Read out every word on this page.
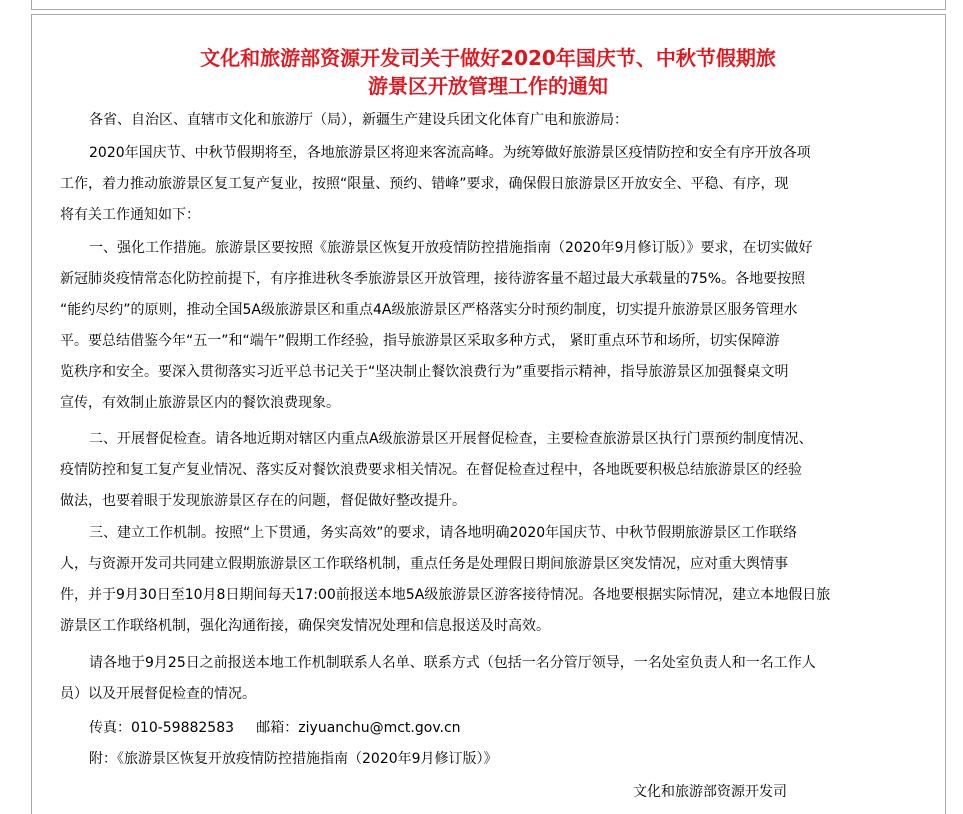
文化和旅游部资源开发司关于做好2020年国庆节、中秋节假期旅
游景区开放管理工作的通知

各省、自治区、直辖市文化和旅游厅（局），新疆生产建设兵团文化体育广电和旅游局：

2020年国庆节、中秋节假期将至，各地旅游景区将迎来客流高峰。为统筹做好旅游景区疫情防控和安全有序开放各项
工作，着力推动旅游景区复工复产复业，按照“限量、预约、错峰”要求，确保假日旅游景区开放安全、平稳、有序，现
将有关工作通知如下：

一、强化工作措施。旅游景区要按照《旅游景区恢复开放疫情防控措施指南（2020年9月修订版）》要求，在切实做好
新冠肺炎疫情常态化防控前提下，有序推进秋冬季旅游景区开放管理，接待游客量不超过最大承载量的75%。各地要按照
“能约尽约”的原则，推动全国5A级旅游景区和重点4A级旅游景区严格落实分时预约制度，切实提升旅游景区服务管理水
平。要总结借鉴今年“五一”和“端午”假期工作经验，指导旅游景区采取多种方式， 紧盯重点环节和场所，切实保障游
览秩序和安全。要深入贯彻落实习近平总书记关于“坚决制止餐饮浪费行为”重要指示精神，指导旅游景区加强餐桌文明
宣传，有效制止旅游景区内的餐饮浪费现象。

二、开展督促检查。请各地近期对辖区内重点A级旅游景区开展督促检查，主要检查旅游景区执行门票预约制度情况、
疫情防控和复工复产复业情况、落实反对餐饮浪费要求相关情况。在督促检查过程中，各地既要积极总结旅游景区的经验
做法，也要着眼于发现旅游景区存在的问题，督促做好整改提升。

三、建立工作机制。按照“上下贯通，务实高效”的要求，请各地明确2020年国庆节、中秋节假期旅游景区工作联络
人，与资源开发司共同建立假期旅游景区工作联络机制，重点任务是处理假日期间旅游景区突发情况，应对重大舆情事
件，并于9月30日至10月8日期间每天17:00前报送本地5A级旅游景区游客接待情况。各地要根据实际情况，建立本地假日旅
游景区工作联络机制，强化沟通衔接，确保突发情况处理和信息报送及时高效。

请各地于9月25日之前报送本地工作机制联系人名单、联系方式（包括一名分管厅领导，一名处室负责人和一名工作人
员）以及开展督促检查的情况。

传真：010-59882583 邮箱：ziyuanchu@mct.gov.cn

附：《旅游景区恢复开放疫情防控措施指南（2020年9月修订版）》

文化和旅游部资源开发司
